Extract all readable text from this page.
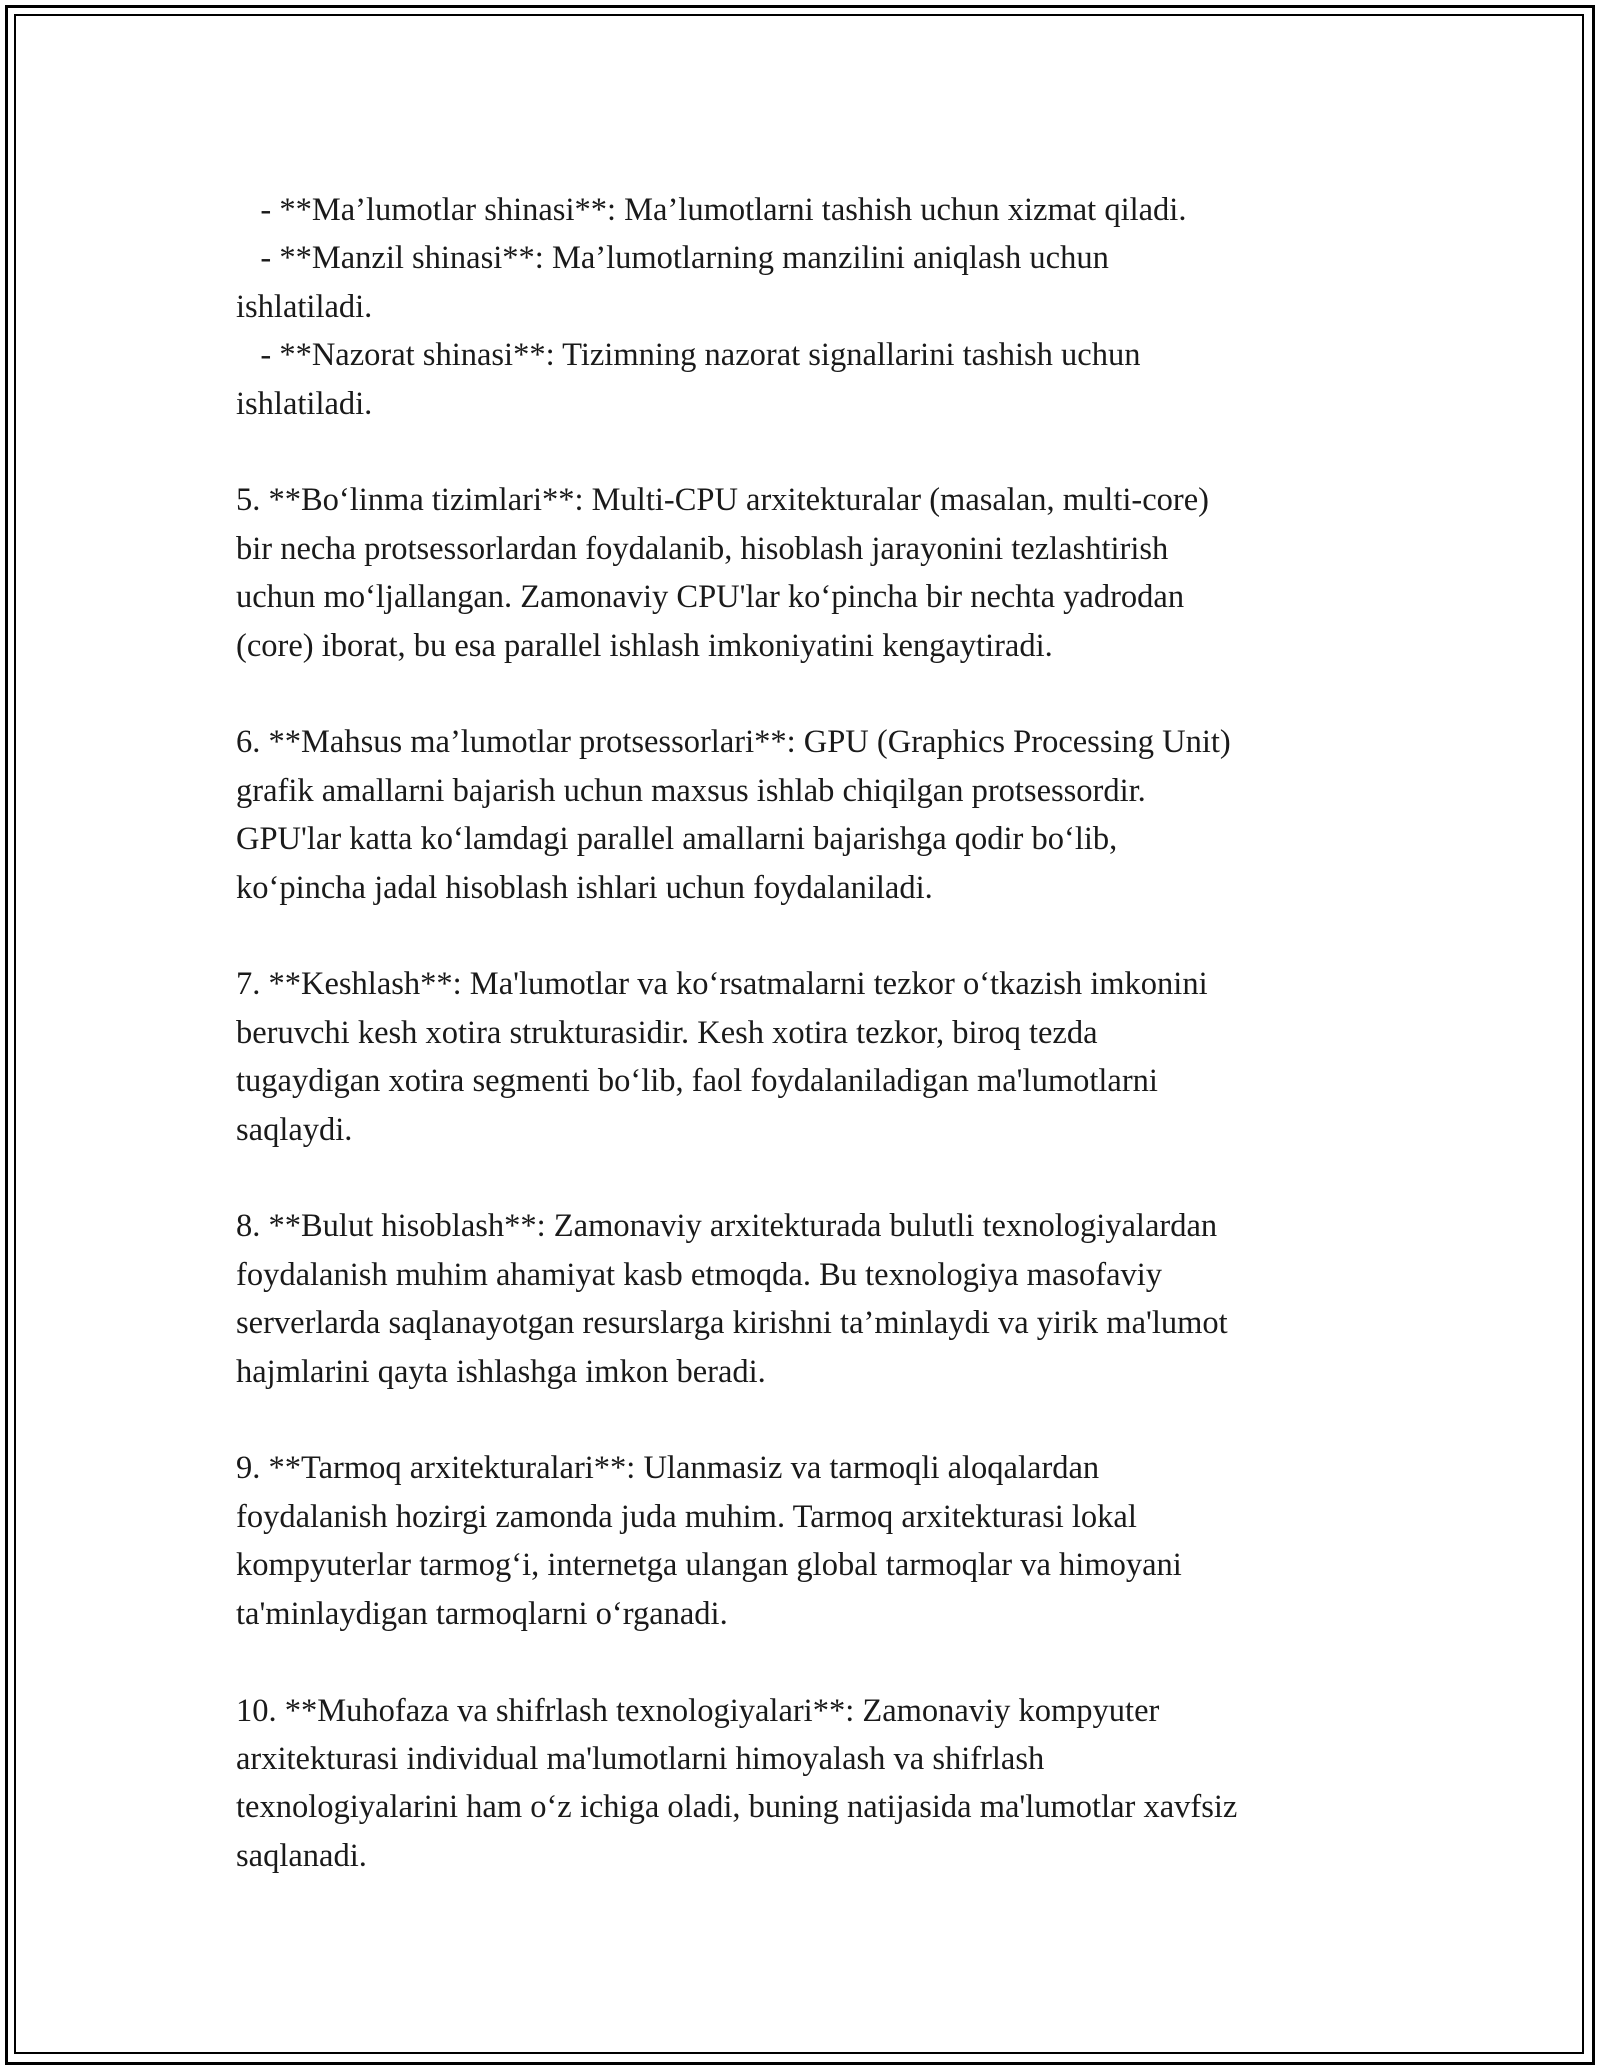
- **Ma’lumotlar shinasi**: Ma’lumotlarni tashish uchun xizmat qiladi.
- **Manzil shinasi**: Ma’lumotlarning manzilini aniqlash uchun
ishlatiladi.
- **Nazorat shinasi**: Tizimning nazorat signallarini tashish uchun
ishlatiladi.
5. **Boʻlinma tizimlari**: Multi-CPU arxitekturalar (masalan, multi-core)
bir necha protsessorlardan foydalanib, hisoblash jarayonini tezlashtirish
uchun moʻljallangan. Zamonaviy CPU'lar koʻpincha bir nechta yadrodan
(core) iborat, bu esa parallel ishlash imkoniyatini kengaytiradi.
6. **Mahsus ma’lumotlar protsessorlari**: GPU (Graphics Processing Unit)
grafik amallarni bajarish uchun maxsus ishlab chiqilgan protsessordir.
GPU'lar katta koʻlamdagi parallel amallarni bajarishga qodir boʻlib,
koʻpincha jadal hisoblash ishlari uchun foydalaniladi.
7. **Keshlash**: Ma'lumotlar va koʻrsatmalarni tezkor oʻtkazish imkonini
beruvchi kesh xotira strukturasidir. Kesh xotira tezkor, biroq tezda
tugaydigan xotira segmenti boʻlib, faol foydalaniladigan ma'lumotlarni
saqlaydi.
8. **Bulut hisoblash**: Zamonaviy arxitekturada bulutli texnologiyalardan
foydalanish muhim ahamiyat kasb etmoqda. Bu texnologiya masofaviy
serverlarda saqlanayotgan resurslarga kirishni ta’minlaydi va yirik ma'lumot
hajmlarini qayta ishlashga imkon beradi.
9. **Tarmoq arxitekturalari**: Ulanmasiz va tarmoqli aloqalardan
foydalanish hozirgi zamonda juda muhim. Tarmoq arxitekturasi lokal
kompyuterlar tarmogʻi, internetga ulangan global tarmoqlar va himoyani
ta'minlaydigan tarmoqlarni oʻrganadi.
10. **Muhofaza va shifrlash texnologiyalari**: Zamonaviy kompyuter
arxitekturasi individual ma'lumotlarni himoyalash va shifrlash
texnologiyalarini ham oʻz ichiga oladi, buning natijasida ma'lumotlar xavfsiz
saqlanadi.
